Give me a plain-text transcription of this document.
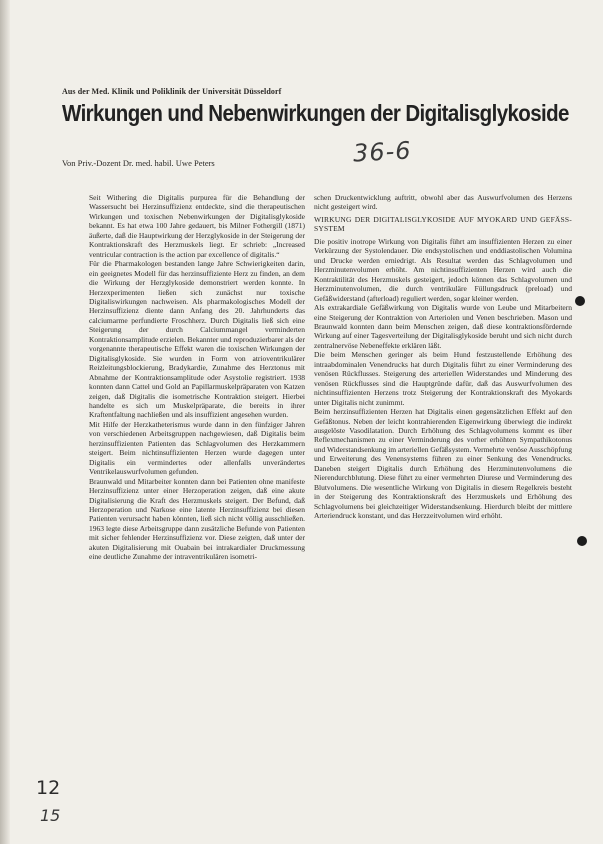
Aus der Med. Klinik und Poliklinik der Universität Düsseldorf
Wirkungen und Nebenwirkungen der Digitalisglykoside
Von Priv.-Dozent Dr. med. habil. Uwe Peters	36-6

Seit Withering die Digitalis purpurea für die Behandlung der Wassersucht bei Herzinsuffizienz entdeckte, sind die therapeutischen Wirkungen und toxischen Nebenwirkungen der Digitalisglykoside bekannt. Es hat etwa 100 Jahre gedauert, bis Milner Fothergill (1871) äußerte, daß die Hauptwirkung der Herzglykoside in der Steigerung der Kontraktionskraft des Herzmuskels liegt. Er schrieb: „Increased ventricular contraction is the action par excellence of digitalis.“

Für die Pharmakologen bestanden lange Jahre Schwierigkeiten darin, ein geeignetes Modell für das herzinsuffiziente Herz zu finden, an dem die Wirkung der Herzglykoside demonstriert werden konnte. In Herzexperimenten ließen sich zunächst nur toxische Digitaliswirkungen nachweisen. Als pharmakologisches Modell der Herzinsuffizienz diente dann Anfang des 20. Jahrhunderts das calciumarme perfundierte Froschherz. Durch Digitalis ließ sich eine Steigerung der durch Calciummangel verminderten Kontraktionsamplitude erzielen. Bekannter und reproduzierbarer als der vorgenannte therapeutische Effekt waren die toxischen Wirkungen der Digitalisglykoside. Sie wurden in Form von atrioventrikulärer Reizleitungsblockierung, Bradykardie, Zunahme des Herztonus mit Abnahme der Kontraktionsamplitude oder Asystolie registriert. 1938 konnten dann Cattel und Gold an Papillarmuskelpräparaten von Katzen zeigen, daß Digitalis die isometrische Kontraktion steigert. Hierbei handelte es sich um Muskelpräparate, die bereits in ihrer Kraftentfaltung nachließen und als insuffizient angesehen wurden.

Mit Hilfe der Herzkatheterismus wurde dann in den fünfziger Jahren von verschiedenen Arbeitsgruppen nachgewiesen, daß Digitalis beim herzinsuffizienten Patienten das Schlagvolumen des Herzkammern steigert. Beim nichtinsuffizienten Herzen wurde dagegen unter Digitalis ein vermindertes oder allenfalls unverändertes Ventrikelauswurfvolumen gefunden.

Braunwald und Mitarbeiter konnten dann bei Patienten ohne manifeste Herzinsuffizienz unter einer Herzoperation zeigen, daß eine akute Digitalisierung die Kraft des Herzmuskels steigert. Der Befund, daß Herzoperation und Narkose eine latente Herzinsuffizienz bei diesen Patienten verursacht haben könnten, ließ sich nicht völlig ausschließen. 1963 legte diese Arbeitsgruppe dann zusätzliche Befunde von Patienten mit sicher fehlender Herzinsuffizienz vor. Diese zeigten, daß unter der akuten Digitalisierung mit Ouabain bei intrakardialer Druckmessung eine deutliche Zunahme der intraventrikulären isometri-

schen Druckentwicklung auftritt, obwohl aber das Auswurfvolumen des Herzens nicht gesteigert wird.

WIRKUNG DER DIGITALISGLYKOSIDE AUF MYOKARD UND GEFÄSS-SYSTEM

Die positiv inotrope Wirkung von Digitalis führt am insuffizienten Herzen zu einer Verkürzung der Systolendauer. Die endsystolischen und enddiastolischen Volumina und Drucke werden erniedrigt. Als Resultat werden das Schlagvolumen und Herzminutenvolumen erhöht. Am nichtinsuffizienten Herzen wird auch die Kontraktilität des Herzmuskels gesteigert, jedoch können das Schlagvolumen und Herzminutenvolumen, die durch ventrikuläre Füllungsdruck (preload) und Gefäßwiderstand (afterload) reguliert werden, sogar kleiner werden.

Als extrakardiale Gefäßwirkung von Digitalis wurde von Leube und Mitarbeitern eine Steigerung der Kontraktion von Arteriolen und Venen beschrieben. Mason und Braunwald konnten dann beim Menschen zeigen, daß diese kontraktionsfördernde Wirkung auf einer Tagesverteilung der Digitalisglykoside beruht und sich nicht durch zentralnervöse Nebeneffekte erklären läßt.

Die beim Menschen geringer als beim Hund festzustellende Erhöhung des intraabdominalen Venendrucks hat durch Digitalis führt zu einer Verminderung des venösen Rückflusses. Steigerung des arteriellen Widerstandes und Minderung des venösen Rückflusses sind die Hauptgründe dafür, daß das Auswurfvolumen des nichtinsuffizienten Herzens trotz Steigerung der Kontraktionskraft des Myokards unter Digitalis nicht zunimmt.

Beim herzinsuffizienten Herzen hat Digitalis einen gegensätzlichen Effekt auf den Gefäßtonus. Neben der leicht kontrahierenden Eigenwirkung überwiegt die indirekt ausgelöste Vasodilatation. Durch Erhöhung des Schlagvolumens kommt es über Reflexmechanismen zu einer Verminderung des vorher erhöhten Sympathikotonus und Widerstandsenkung im arteriellen Gefäßsystem. Vermehrte venöse Ausschöpfung und Erweiterung des Venensystems führen zu einer Senkung des Venendrucks. Daneben steigert Digitalis durch Erhöhung des Herzminutenvolumens die Nierendurchblutung. Diese führt zu einer vermehrten Diurese und Verminderung des Blutvolumens. Die wesentliche Wirkung von Digitalis in diesem Regelkreis besteht in der Steigerung des Kontraktionskraft des Herzmuskels und Erhöhung des Schlagvolumens bei gleichzeitiger Widerstandsenkung. Hierdurch bleibt der mittlere Arteriendruck konstant, und das Herzzeitvolumen wird erhöht.

12
15
